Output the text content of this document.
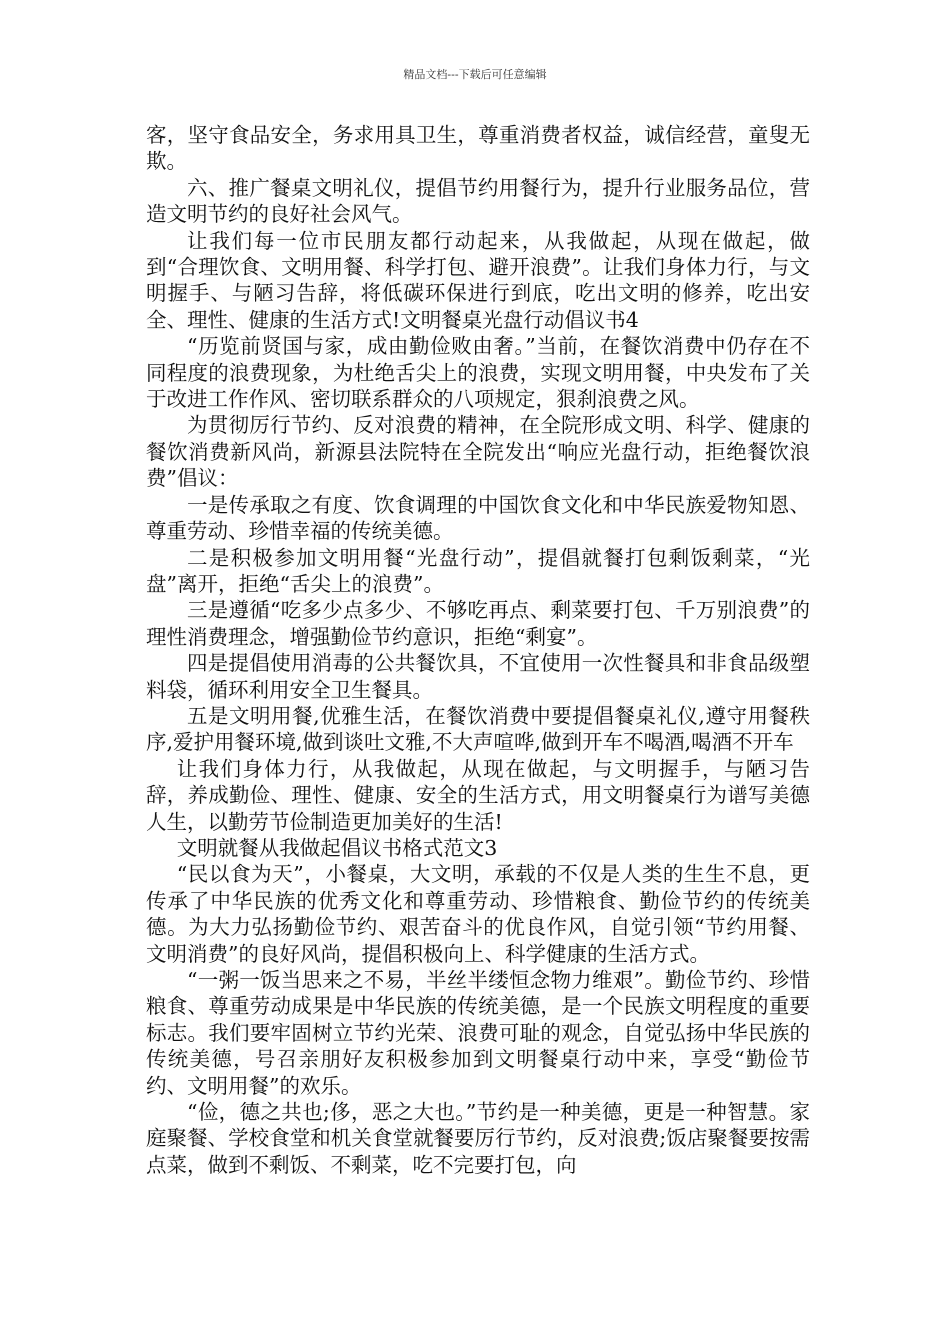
精品文档---下载后可任意编辑

客，坚守食品安全，务求用具卫生，尊重消费者权益，诚信经营，童叟无欺。

六、推广餐桌文明礼仪，提倡节约用餐行为，提升行业服务品位，营造文明节约的良好社会风气。

让我们每一位市民朋友都行动起来，从我做起，从现在做起，做到“合理饮食、文明用餐、科学打包、避开浪费”。让我们身体力行，与文明握手、与陋习告辞，将低碳环保进行到底，吃出文明的修养，吃出安全、理性、健康的生活方式!文明餐桌光盘行动倡议书4

“历览前贤国与家，成由勤俭败由奢。”当前，在餐饮消费中仍存在不同程度的浪费现象，为杜绝舌尖上的浪费，实现文明用餐，中央发布了关于改进工作作风、密切联系群众的八项规定，狠刹浪费之风。

为贯彻厉行节约、反对浪费的精神，在全院形成文明、科学、健康的餐饮消费新风尚，新源县法院特在全院发出“响应光盘行动，拒绝餐饮浪费”倡议：

一是传承取之有度、饮食调理的中国饮食文化和中华民族爱物知恩、尊重劳动、珍惜幸福的传统美德。

二是积极参加文明用餐“光盘行动”，提倡就餐打包剩饭剩菜，“光盘”离开，拒绝“舌尖上的浪费”。

三是遵循“吃多少点多少、不够吃再点、剩菜要打包、千万别浪费”的理性消费理念，增强勤俭节约意识，拒绝“剩宴”。

四是提倡使用消毒的公共餐饮具，不宜使用一次性餐具和非食品级塑料袋，循环利用安全卫生餐具。

五是文明用餐,优雅生活，在餐饮消费中要提倡餐桌礼仪,遵守用餐秩序,爱护用餐环境,做到谈吐文雅,不大声喧哗,做到开车不喝酒,喝酒不开车

让我们身体力行，从我做起，从现在做起，与文明握手，与陋习告辞，养成勤俭、理性、健康、安全的生活方式，用文明餐桌行为谱写美德人生，以勤劳节俭制造更加美好的生活!

文明就餐从我做起倡议书格式范文3

“民以食为天”，小餐桌，大文明，承载的不仅是人类的生生不息，更传承了中华民族的优秀文化和尊重劳动、珍惜粮食、勤俭节约的传统美德。为大力弘扬勤俭节约、艰苦奋斗的优良作风，自觉引领“节约用餐、文明消费”的良好风尚，提倡积极向上、科学健康的生活方式。

“一粥一饭当思来之不易，半丝半缕恒念物力维艰”。勤俭节约、珍惜粮食、尊重劳动成果是中华民族的传统美德，是一个民族文明程度的重要标志。我们要牢固树立节约光荣、浪费可耻的观念，自觉弘扬中华民族的传统美德，号召亲朋好友积极参加到文明餐桌行动中来，享受“勤俭节约、文明用餐”的欢乐。

“俭，德之共也;侈，恶之大也。”节约是一种美德，更是一种智慧。家庭聚餐、学校食堂和机关食堂就餐要厉行节约，反对浪费;饭店聚餐要按需点菜，做到不剩饭、不剩菜，吃不完要打包，向
